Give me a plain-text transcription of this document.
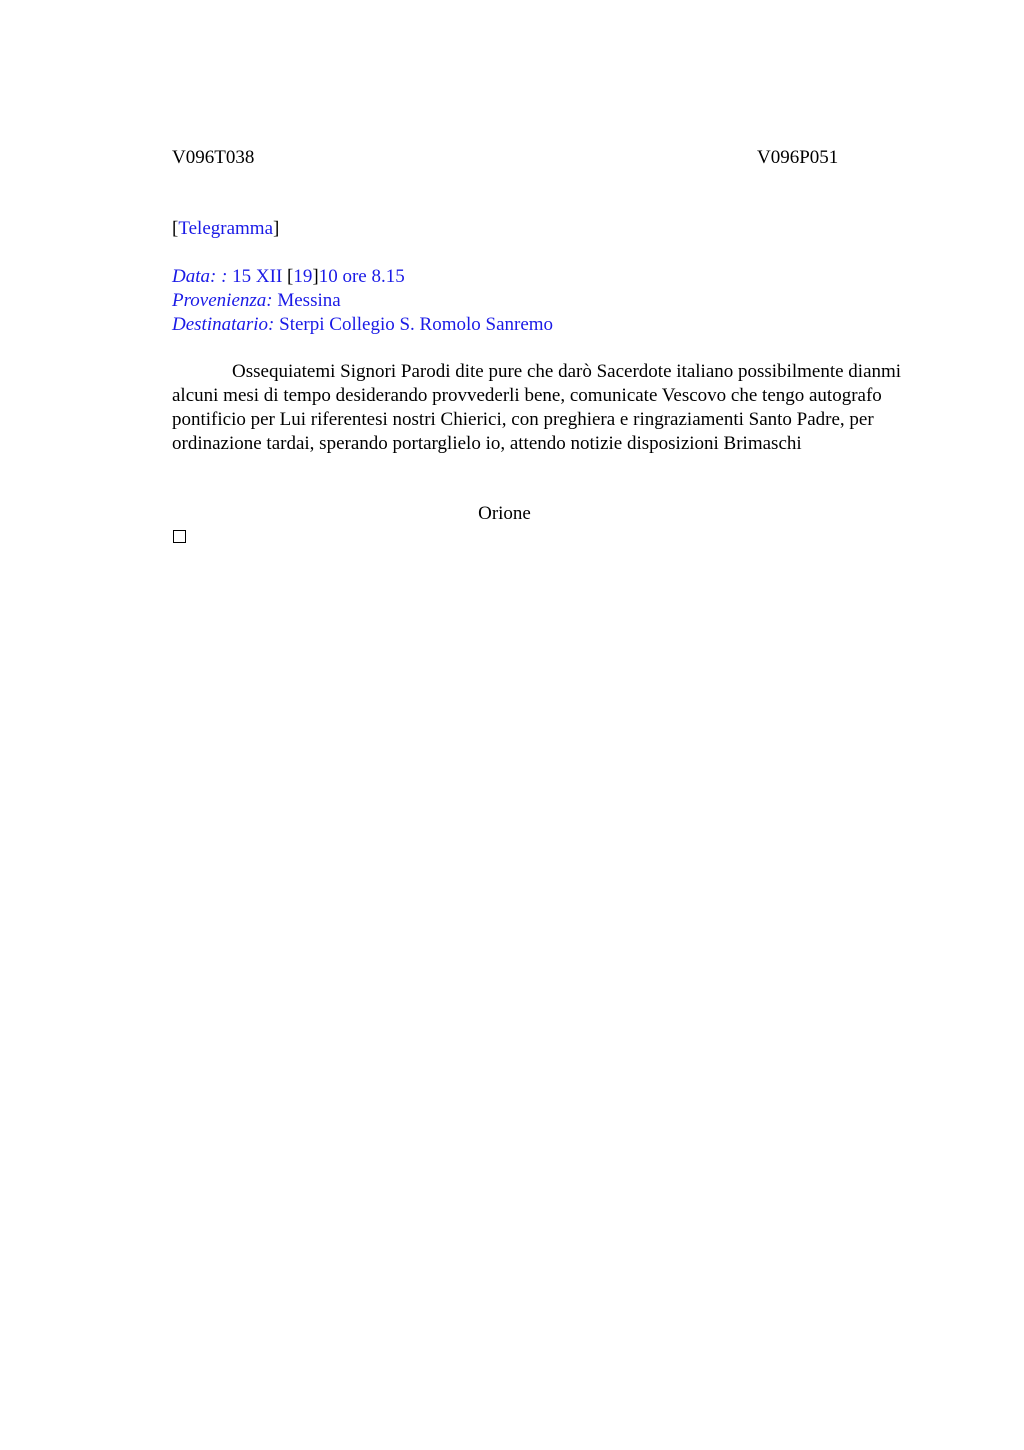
V096T038	V096P051
[Telegramma]
Data: : 15 XII [19]10 ore 8.15
Provenienza: Messina
Destinatario: Sterpi Collegio S. Romolo Sanremo

Ossequiatemi Signori Parodi dite pure che darò Sacerdote italiano possibilmente dianmi alcuni mesi di tempo desiderando provvederli bene, comunicate Vescovo che tengo autografo pontificio per Lui riferentesi nostri Chierici, con preghiera e ringraziamenti Santo Padre, per ordinazione tardai, sperando portarglielo io, attendo notizie disposizioni Brimaschi

Orione
